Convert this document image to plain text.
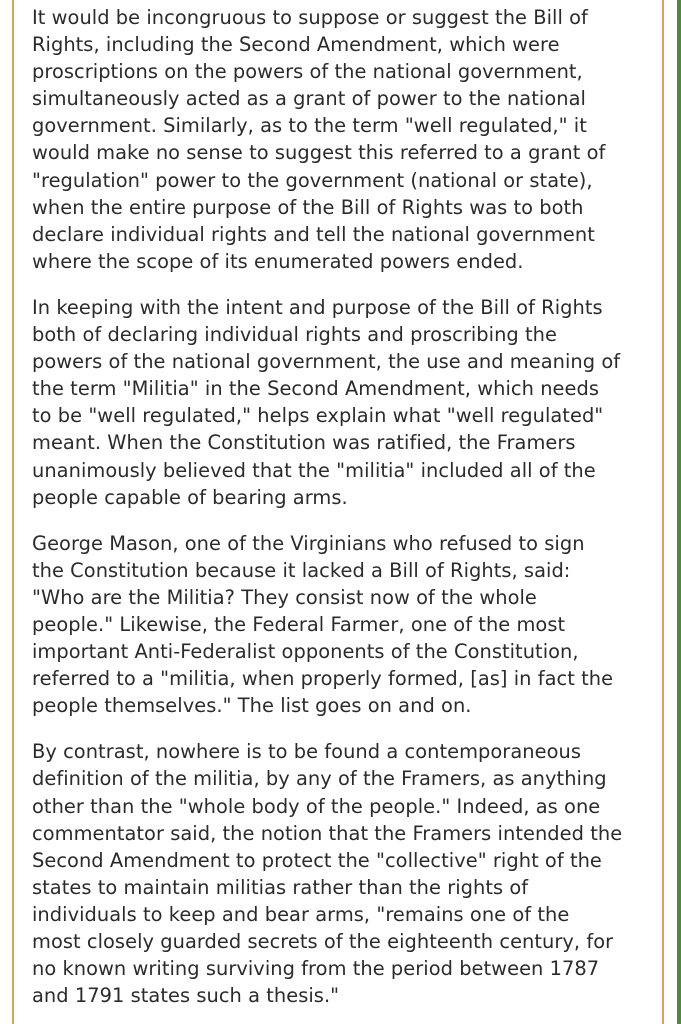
It would be incongruous to suppose or suggest the Bill of
Rights, including the Second Amendment, which were
proscriptions on the powers of the national government,
simultaneously acted as a grant of power to the national
government. Similarly, as to the term "well regulated," it
would make no sense to suggest this referred to a grant of
"regulation" power to the government (national or state),
when the entire purpose of the Bill of Rights was to both
declare individual rights and tell the national government
where the scope of its enumerated powers ended.
In keeping with the intent and purpose of the Bill of Rights
both of declaring individual rights and proscribing the
powers of the national government, the use and meaning of
the term "Militia" in the Second Amendment, which needs
to be "well regulated," helps explain what "well regulated"
meant. When the Constitution was ratified, the Framers
unanimously believed that the "militia" included all of the
people capable of bearing arms.
George Mason, one of the Virginians who refused to sign
the Constitution because it lacked a Bill of Rights, said:
"Who are the Militia? They consist now of the whole
people." Likewise, the Federal Farmer, one of the most
important Anti-Federalist opponents of the Constitution,
referred to a "militia, when properly formed, [as] in fact the
people themselves." The list goes on and on.
By contrast, nowhere is to be found a contemporaneous
definition of the militia, by any of the Framers, as anything
other than the "whole body of the people." Indeed, as one
commentator said, the notion that the Framers intended the
Second Amendment to protect the "collective" right of the
states to maintain militias rather than the rights of
individuals to keep and bear arms, "remains one of the
most closely guarded secrets of the eighteenth century, for
no known writing surviving from the period between 1787
and 1791 states such a thesis."
